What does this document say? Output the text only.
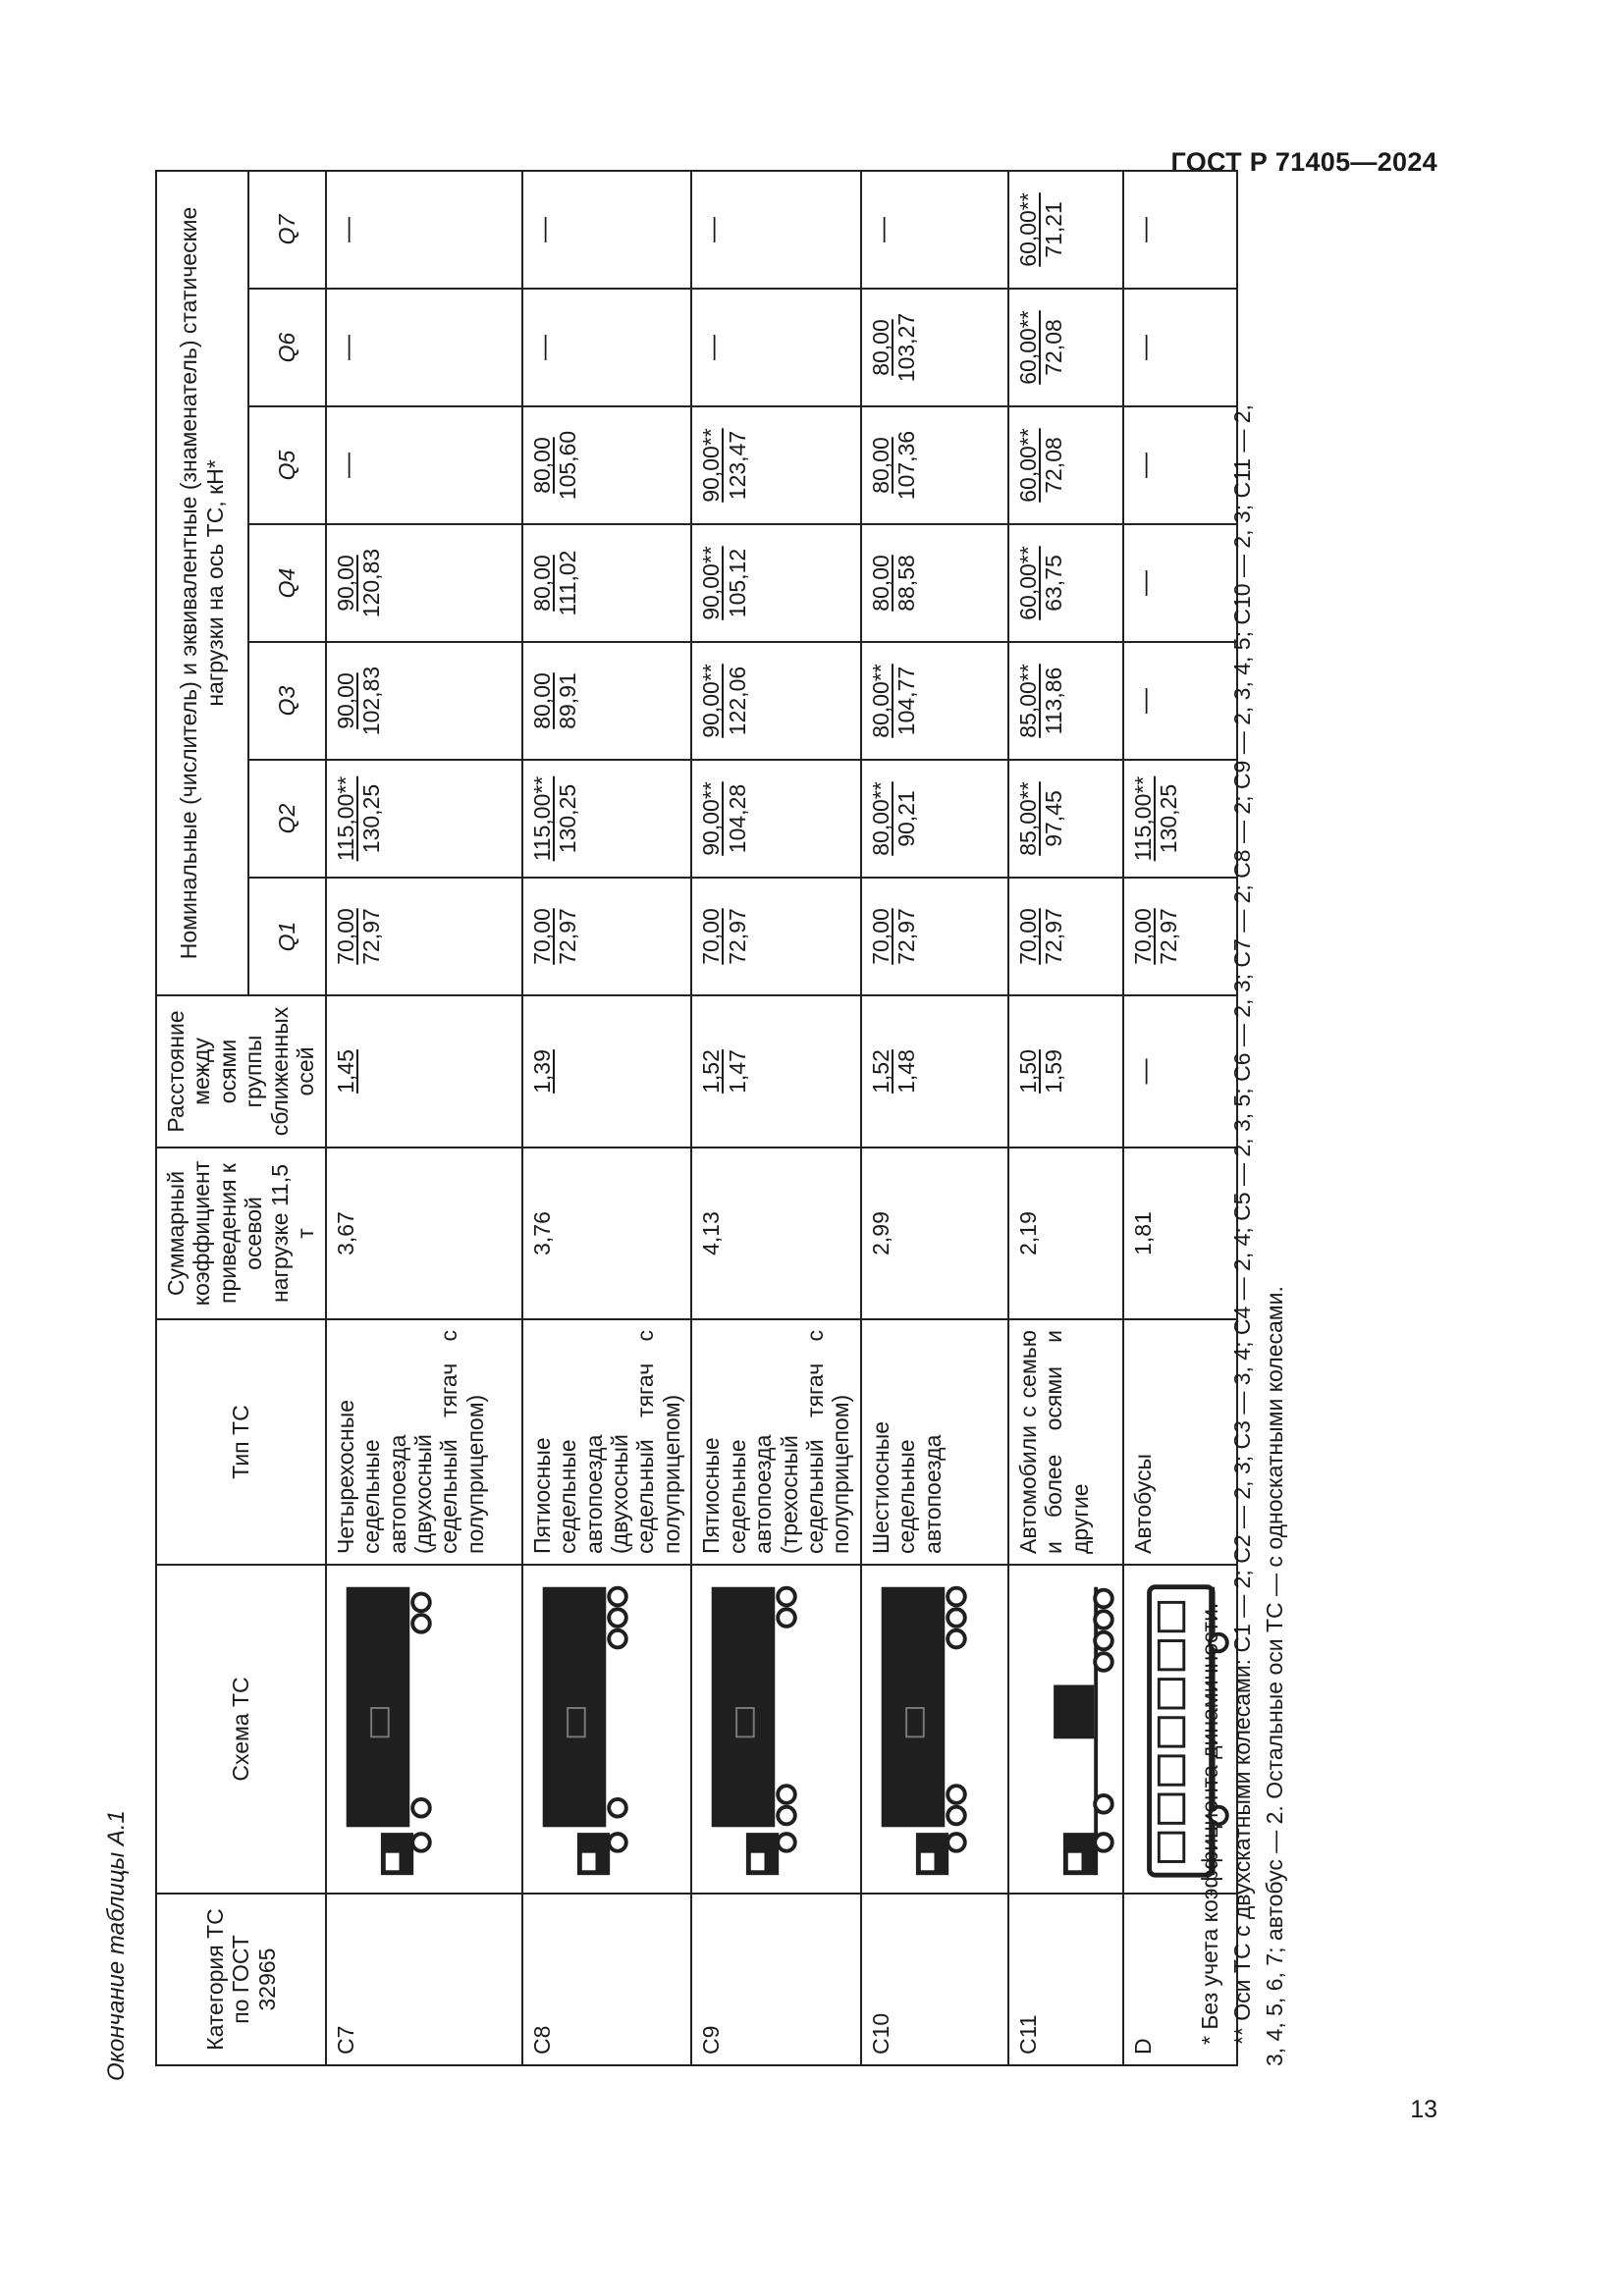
ГОСТ Р 71405—2024
13
Окончание таблицы А.1	Категория ТС по ГОСТ 32965	Схема ТС	Тип ТС	Суммарный коэффициент приведения к осевой нагрузке 11,5 т	Расстояние между осями группы сближенных осей	Номинальные (числитель) и эквивалентные (знаменатель) статические нагрузки на ось ТС, кН*						
					Q1	Q2	Q3	Q4	Q5	Q6	Q7
С7		Четырехосные седельные автопоезда (двухосный седельный тягач с полуприцепом)	3,67	1,45	70,00 72,97	115,00** 130,25	90,00 102,83	90,00 120,83	—	—	—
С8		Пятиосные седельные автопоезда (двухосный седельный тягач с полуприцепом)	3,76	1,39	70,00 72,97	115,00** 130,25	80,00 89,91	80,00 111,02	80,00 105,60	—	—
С9		Пятиосные седельные автопоезда (трехосный седельный тягач с полуприцепом)	4,13	1,52 1,47	70,00 72,97	90,00** 104,28	90,00** 122,06	90,00** 105,12	90,00** 123,47	—	—
С10		Шестиосные седельные автопоезда	2,99	1,52 1,48	70,00 72,97	80,00** 90,21	80,00** 104,77	80,00 88,58	80,00 107,36	80,00 103,27	—
С11		Автомобили с семью и более осями и другие	2,19	1,50 1,59	70,00 72,97	85,00** 97,45	85,00** 113,86	60,00** 63,75	60,00** 72,08	60,00** 72,08	60,00** 71,21

D		Автобусы	1,81	—	70,00 72,97	115,00** 130,25	—	—	—	—	—

* Без учета коэффициента динамичности. ** Оси ТС с двухскатными колесами: С1 — 2; С2 — 2, 3; С3 — 3, 4; С4 — 2, 4; С5 — 2, 3, 5; С6 — 2, 3; С7 — 2; С8 — 2; С9 — 2, 3, 4, 5; С10 — 2, 3; С11 — 2, 3, 4, 5, 6, 7; автобус — 2. Остальные оси ТС — с односкатными колесами.
